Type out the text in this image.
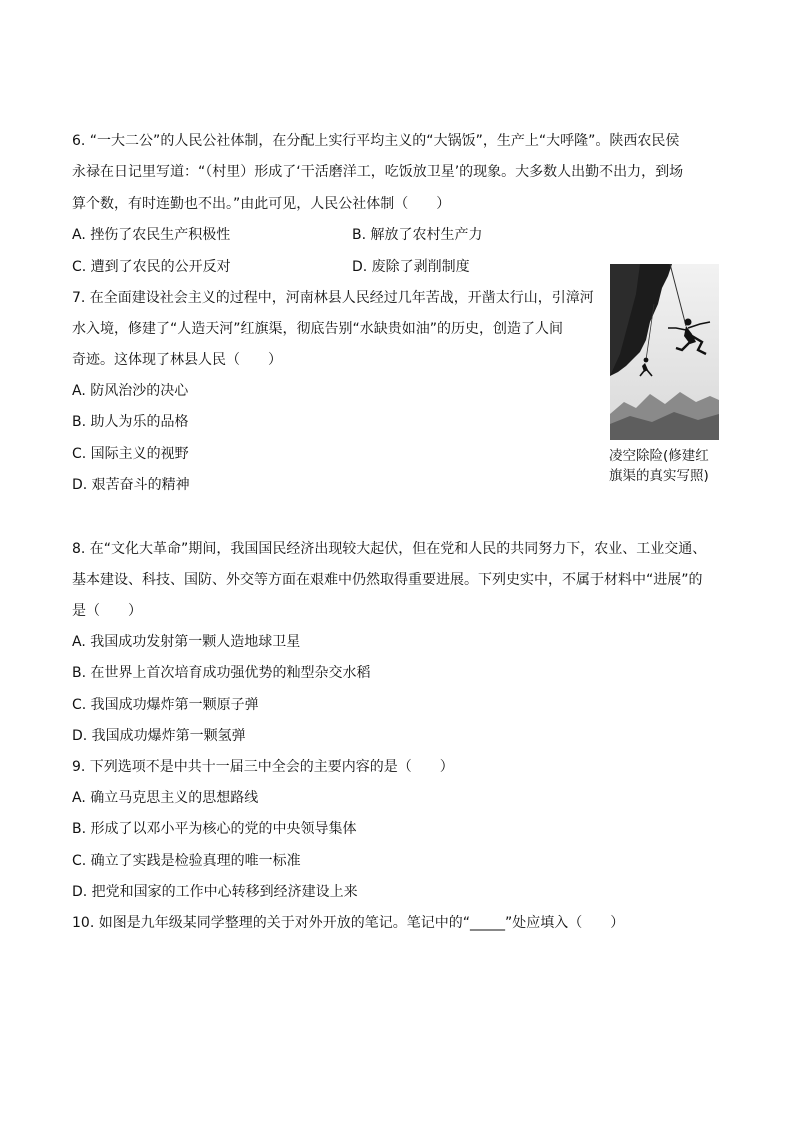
6. “一大二公”的人民公社体制，在分配上实行平均主义的“大锅饭”，生产上“大呼隆”。陕西农民侯
永禄在日记里写道：“（村里）形成了‘干活磨洋工，吃饭放卫星’的现象。大多数人出勤不出力，到场
算个数，有时连勤也不出。”由此可见，人民公社体制（　　）
A. 挫伤了农民生产积极性	B. 解放了农村生产力
C. 遭到了农民的公开反对	D. 废除了剥削制度
7. 在全面建设社会主义的过程中，河南林县人民经过几年苦战，开凿太行山，引漳河
水入境，修建了“人造天河”红旗渠，彻底告别“水缺贵如油”的历史，创造了人间
奇迹。这体现了林县人民（　　）
A. 防风治沙的决心
B. 助人为乐的品格
C. 国际主义的视野
D. 艰苦奋斗的精神
凌空除险(修建红
旗渠的真实写照)
8. 在“文化大革命”期间，我国国民经济出现较大起伏，但在党和人民的共同努力下，农业、工业交通、
基本建设、科技、国防、外交等方面在艰难中仍然取得重要进展。下列史实中，不属于材料中“进展”的
是（　　）
A. 我国成功发射第一颗人造地球卫星
B. 在世界上首次培育成功强优势的籼型杂交水稻
C. 我国成功爆炸第一颗原子弹
D. 我国成功爆炸第一颗氢弹
9. 下列选项不是中共十一届三中全会的主要内容的是（　　）
A. 确立马克思主义的思想路线
B. 形成了以邓小平为核心的党的中央领导集体
C. 确立了实践是检验真理的唯一标准
D. 把党和国家的工作中心转移到经济建设上来
10. 如图是九年级某同学整理的关于对外开放的笔记。笔记中的“_____”处应填入（　　）
